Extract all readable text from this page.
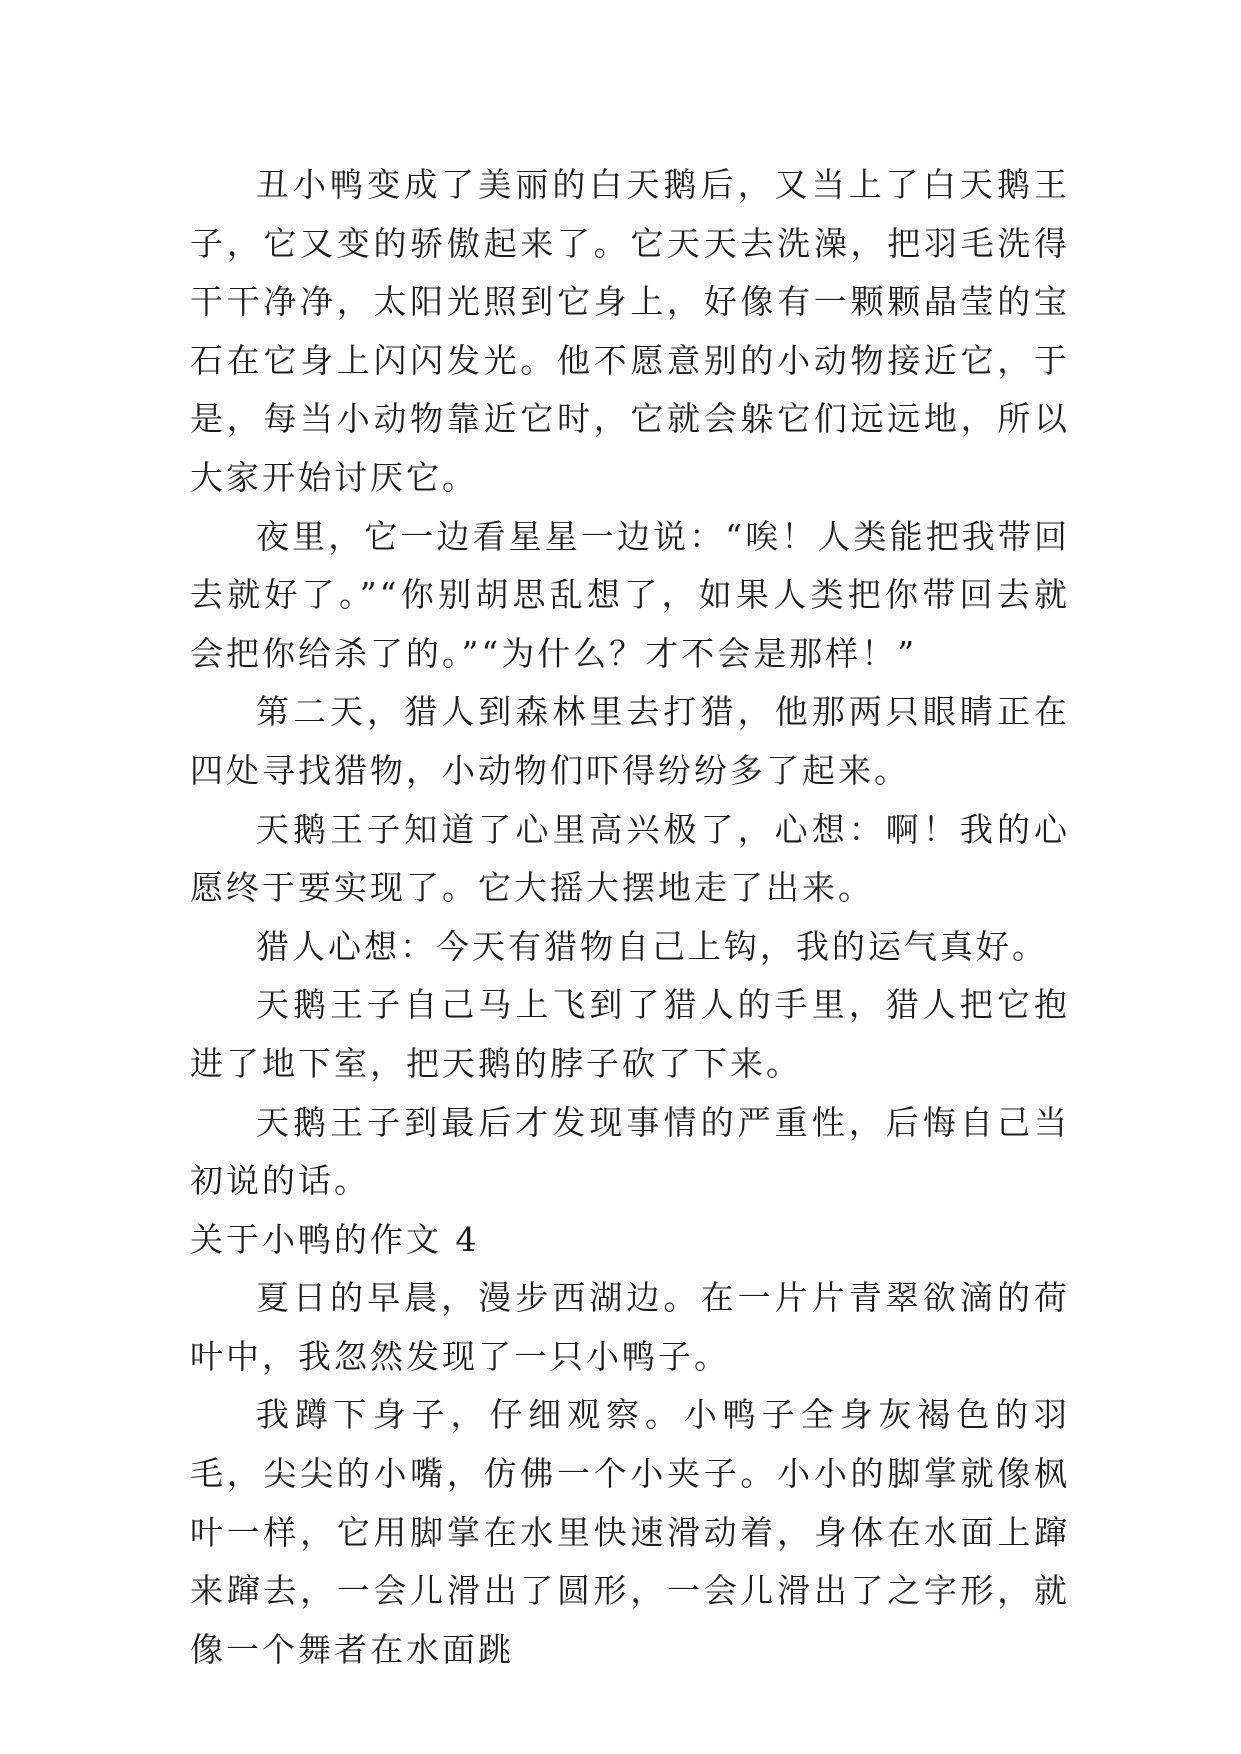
丑小鸭变成了美丽的白天鹅后，又当上了白天鹅王子，它又变的骄傲起来了。它天天去洗澡，把羽毛洗得干干净净，太阳光照到它身上，好像有一颗颗晶莹的宝石在它身上闪闪发光。他不愿意别的小动物接近它，于是，每当小动物靠近它时，它就会躲它们远远地，所以大家开始讨厌它。

夜里，它一边看星星一边说：“唉！人类能把我带回去就好了。”“你别胡思乱想了，如果人类把你带回去就会把你给杀了的。”“为什么？才不会是那样！”

第二天，猎人到森林里去打猎，他那两只眼睛正在四处寻找猎物，小动物们吓得纷纷多了起来。

天鹅王子知道了心里高兴极了，心想：啊！我的心愿终于要实现了。它大摇大摆地走了出来。

猎人心想：今天有猎物自己上钩，我的运气真好。

天鹅王子自己马上飞到了猎人的手里，猎人把它抱进了地下室，把天鹅的脖子砍了下来。

天鹅王子到最后才发现事情的严重性，后悔自己当初说的话。

关于小鸭的作文 4

夏日的早晨，漫步西湖边。在一片片青翠欲滴的荷叶中，我忽然发现了一只小鸭子。

我蹲下身子，仔细观察。小鸭子全身灰褐色的羽毛，尖尖的小嘴，仿佛一个小夹子。小小的脚掌就像枫叶一样，它用脚掌在水里快速滑动着，身体在水面上蹿来蹿去，一会儿滑出了圆形，一会儿滑出了之字形，就像一个舞者在水面跳
